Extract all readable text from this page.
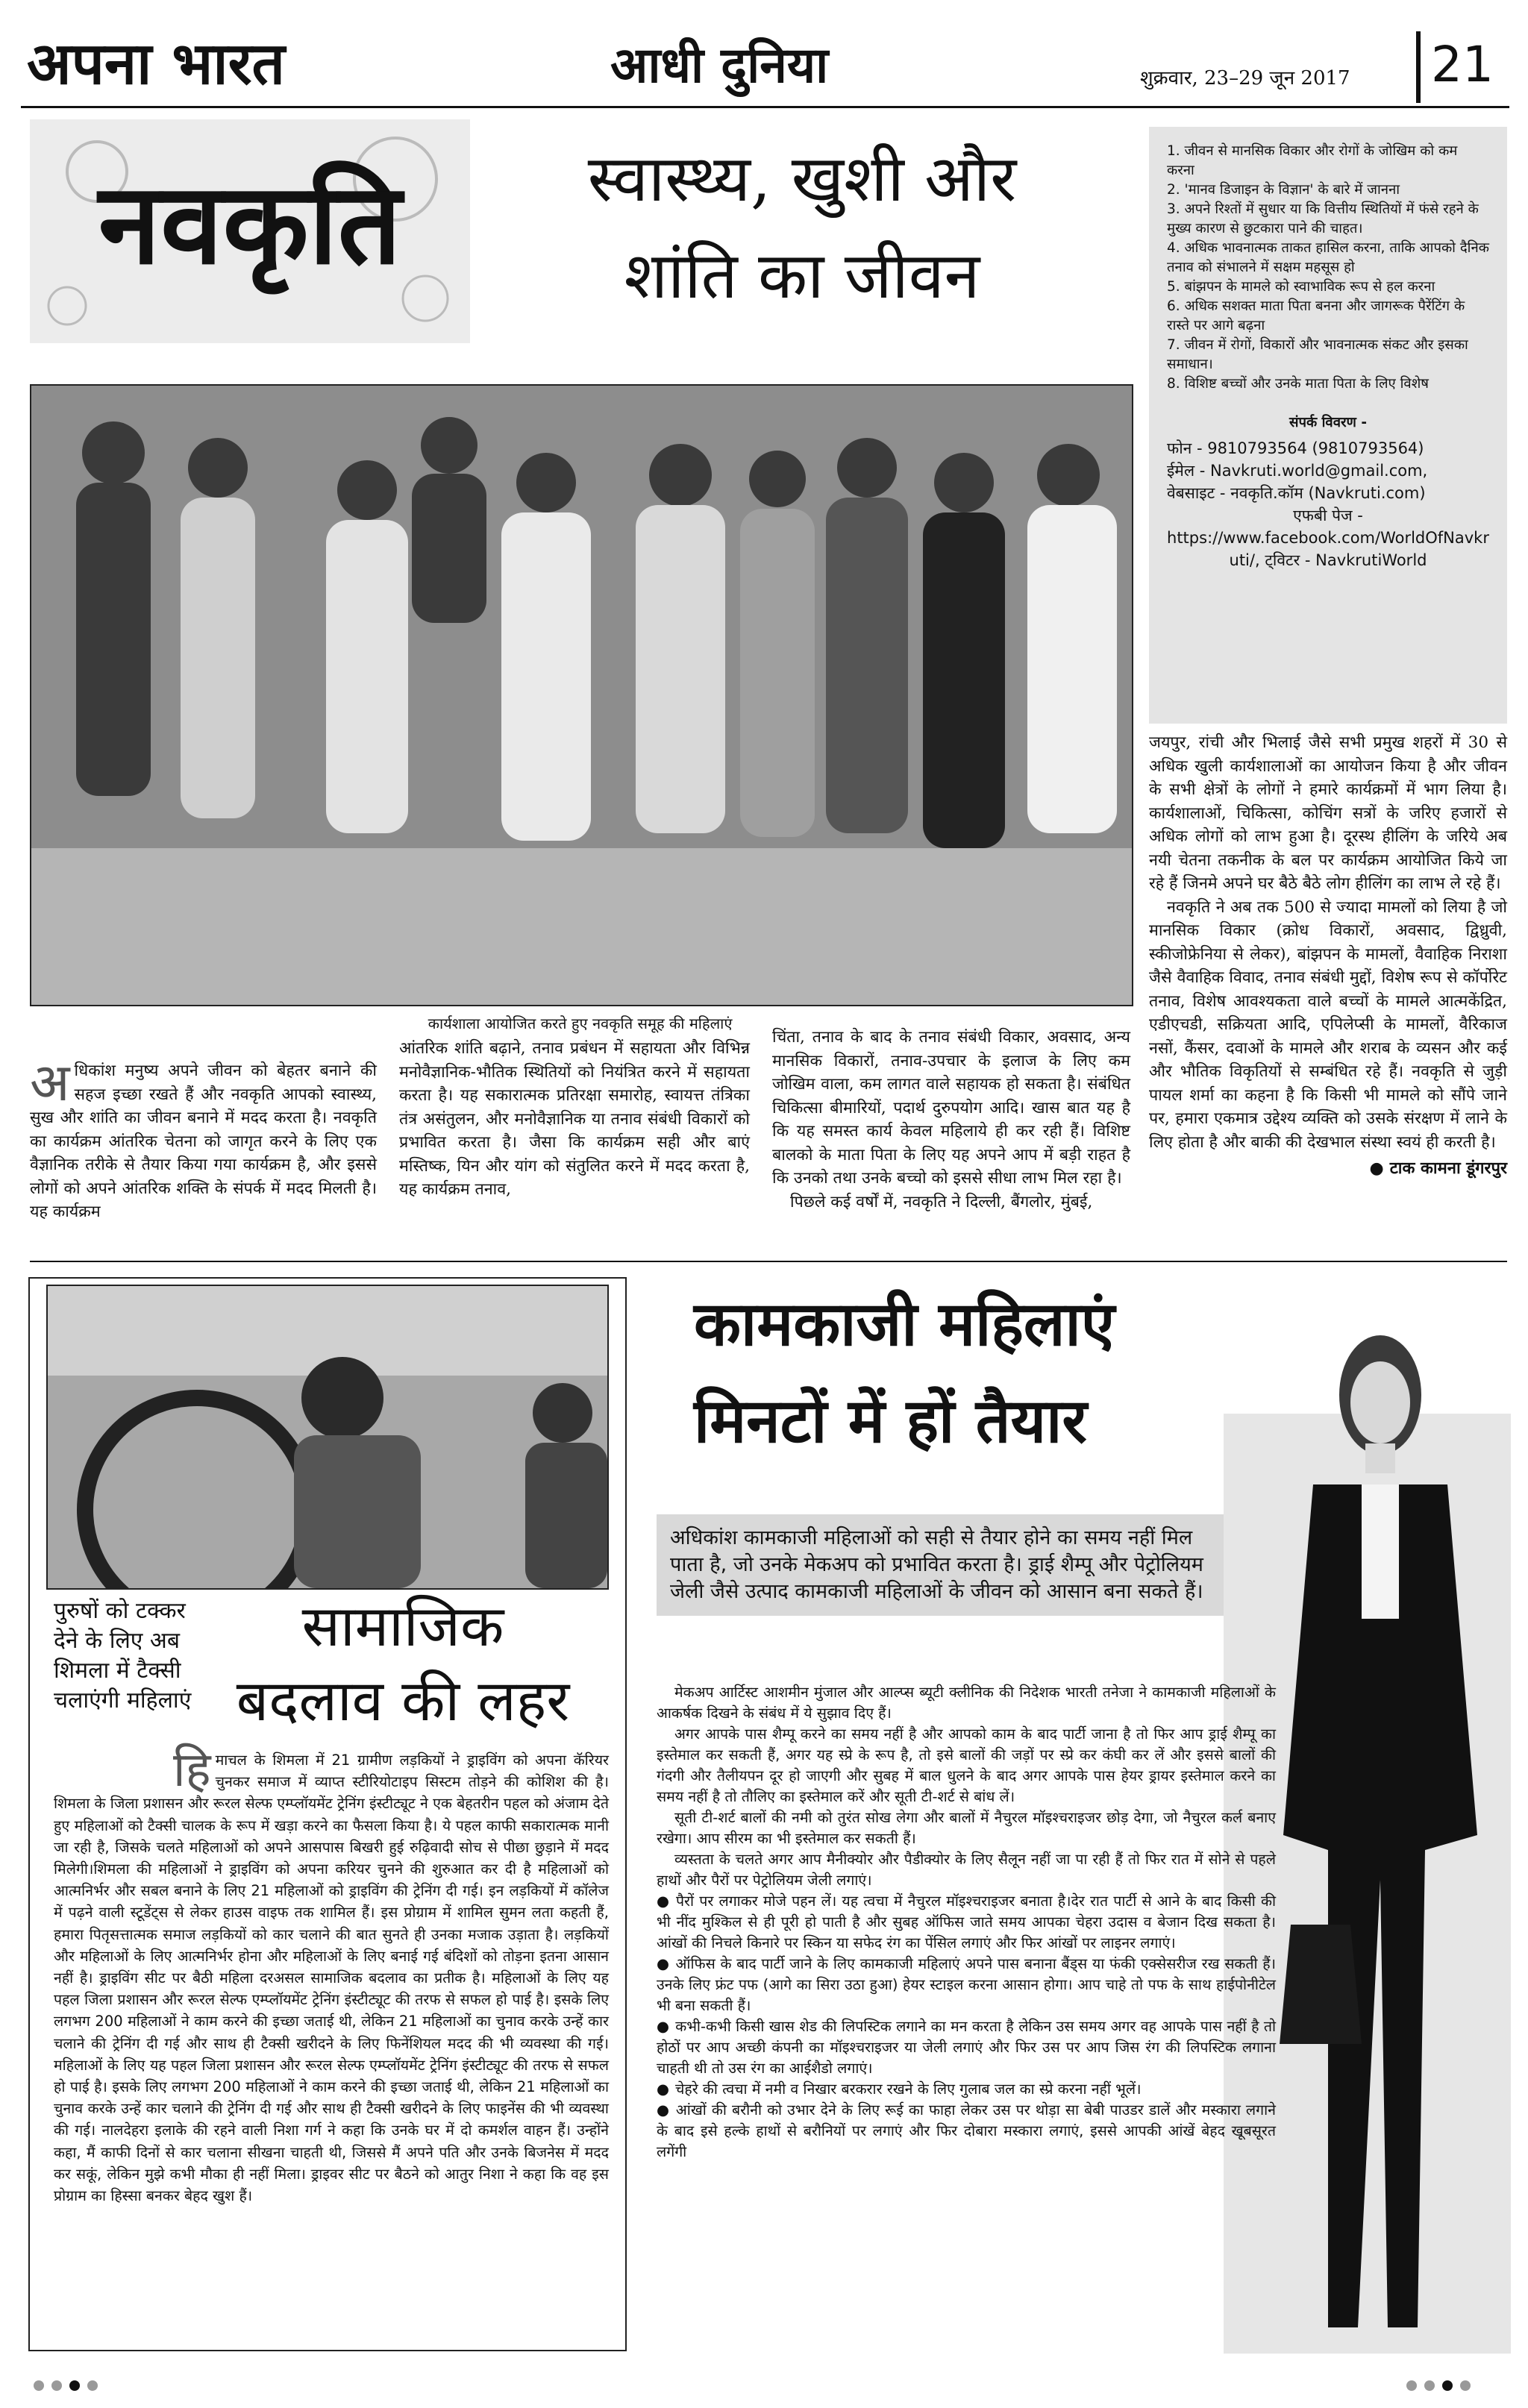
अपना भारत	आधी दुनिया	शुक्रवार, 23–29 जून 2017 21
नवकृति	स्वास्थ्य, खुशी और
शांति का जीवन
1. जीवन से मानसिक विकार और रोगों के जोखिम को कम करना
2. 'मानव डिजाइन के विज्ञान' के बारे में जानना
3. अपने रिश्तों में सुधार या कि वित्तीय स्थितियों में फंसे रहने के मुख्य कारण से छुटकारा पाने की चाहत।
4. अधिक भावनात्मक ताकत हासिल करना, ताकि आपको दैनिक तनाव को संभालने में सक्षम महसूस हो
5. बांझपन के मामले को स्वाभाविक रूप से हल करना
6. अधिक सशक्त माता पिता बनना और जागरूक पैरेंटिंग के रास्ते पर आगे बढ़ना
7. जीवन में रोगों, विकारों और भावनात्मक संकट और इसका समाधान।
8. विशिष्ट बच्चों और उनके माता पिता के लिए विशेष
संपर्क विवरण -
फोन - 9810793564 (9810793564)
ईमेल - Navkruti.world@gmail.com,
वेबसाइट - नवकृति.कॉम (Navkruti.com)
एफबी पेज -
https://www.facebook.com/WorldOfNavkruti/, ट्विटर - NavkrutiWorld
कार्यशाला आयोजित करते हुए नवकृति समूह की महिलाएं
अ धिकांश मनुष्य अपने जीवन को बेहतर बनाने की सहज इच्छा रखते हैं और नवकृति आपको स्वास्थ्य, सुख और शांति का जीवन बनाने में मदद करता है। नवकृति का कार्यक्रम आंतरिक चेतना को जागृत करने के लिए एक वैज्ञानिक तरीके से तैयार किया गया कार्यक्रम है, और इससे लोगों को अपने आंतरिक शक्ति के संपर्क में मदद मिलती है। यह कार्यक्रम
आंतरिक शांति बढ़ाने, तनाव प्रबंधन में सहायता और विभिन्न मनोवैज्ञानिक-भौतिक स्थितियों को नियंत्रित करने में सहायता करता है। यह सकारात्मक प्रतिरक्षा समारोह, स्वायत्त तंत्रिका तंत्र असंतुलन, और मनोवैज्ञानिक या तनाव संबंधी विकारों को प्रभावित करता है। जैसा कि कार्यक्रम सही और बाएं मस्तिष्क, यिन और यांग को संतुलित करने में मदद करता है, यह कार्यक्रम तनाव,
चिंता, तनाव के बाद के तनाव संबंधी विकार, अवसाद, अन्य मानसिक विकारों, तनाव-उपचार के इलाज के लिए कम जोखिम वाला, कम लागत वाले सहायक हो सकता है। संबंधित चिकित्सा बीमारियों, पदार्थ दुरुपयोग आदि। खास बात यह है कि यह समस्त कार्य केवल महिलाये ही कर रही हैं। विशिष्ट बालको के माता पिता के लिए यह अपने आप में बड़ी राहत है कि उनको तथा उनके बच्चो को इससे सीधा लाभ मिल रहा है।
पिछले कई वर्षों में, नवकृति ने दिल्ली, बैंगलोर, मुंबई,
जयपुर, रांची और भिलाई जैसे सभी प्रमुख शहरों में 30 से अधिक खुली कार्यशालाओं का आयोजन किया है और जीवन के सभी क्षेत्रों के लोगों ने हमारे कार्यक्रमों में भाग लिया है। कार्यशालाओं, चिकित्सा, कोचिंग सत्रों के जरिए हजारों से अधिक लोगों को लाभ हुआ है। दूरस्थ हीलिंग के जरिये अब नयी चेतना तकनीक के बल पर कार्यक्रम आयोजित किये जा रहे हैं जिनमे अपने घर बैठे बैठे लोग हीलिंग का लाभ ले रहे हैं।
नवकृति ने अब तक 500 से ज्यादा मामलों को लिया है जो मानसिक विकार (क्रोध विकारों, अवसाद, द्विध्रुवी, स्कीजोफ्रेनिया से लेकर), बांझपन के मामलों, वैवाहिक निराशा जैसे वैवाहिक विवाद, तनाव संबंधी मुद्दों, विशेष रूप से कॉर्पोरेट तनाव, विशेष आवश्यकता वाले बच्चों के मामले आत्मकेंद्रित, एडीएचडी, सक्रियता आदि, एपिलेप्सी के मामलों, वैरिकाज नसों, कैंसर, दवाओं के मामले और शराब के व्यसन और कई और भौतिक विकृतियों से सम्बंधित रहे हैं। नवकृति से जुड़ी पायल शर्मा का कहना है कि किसी भी मामले को सौंपे जाने पर, हमारा एकमात्र उद्देश्य व्यक्ति को उसके संरक्षण में लाने के लिए होता है और बाकी की देखभाल संस्था स्वयं ही करती है।
● टाक कामना डूंगरपुर
पुरुषों को टक्कर देने के लिए अब शिमला में टैक्सी चलाएंगी महिलाएं
सामाजिक
बदलाव की लहर
हि माचल के शिमला में 21 ग्रामीण लड़कियों ने ड्राइविंग को अपना कॅरियर चुनकर समाज में व्याप्त स्टीरियोटाइप सिस्टम तोड़ने की कोशिश की है।शिमला के जिला प्रशासन और रूरल सेल्फ एम्प्लॉयमेंट ट्रेनिंग इंस्टीट्यूट ने एक बेहतरीन पहल को अंजाम देते हुए महिलाओं को टैक्सी चालक के रूप में खड़ा करने का फैसला किया है। ये पहल काफी सकारात्मक मानी जा रही है, जिसके चलते महिलाओं को अपने आसपास बिखरी हुई रुढ़िवादी सोच से पीछा छुड़ाने में मदद मिलेगी।शिमला की महिलाओं ने ड्राइविंग को अपना करियर चुनने की शुरुआत कर दी है महिलाओं को आत्मनिर्भर और सबल बनाने के लिए 21 महिलाओं को ड्राइविंग की ट्रेनिंग दी गई। इन लड़कियों में कॉलेज में पढ़ने वाली स्टूडेंट्स से लेकर हाउस वाइफ तक शामिल हैं। इस प्रोग्राम में शामिल सुमन लता कहती हैं, हमारा पितृसत्तात्मक समाज लड़कियों को कार चलाने की बात सुनते ही उनका मजाक उड़ाता है। लड़कियों और महिलाओं के लिए आत्मनिर्भर होना और महिलाओं के लिए बनाई गई बंदिशों को तोड़ना इतना आसान नहीं है। ड्राइविंग सीट पर बैठी महिला दरअसल सामाजिक बदलाव का प्रतीक है। महिलाओं के लिए यह पहल जिला प्रशासन और रूरल सेल्फ एम्प्लॉयमेंट ट्रेनिंग इंस्टीट्यूट की तरफ से सफल हो पाई है। इसके लिए लगभग 200 महिलाओं ने काम करने की इच्छा जताई थी, लेकिन 21 महिलाओं का चुनाव करके उन्हें कार चलाने की ट्रेनिंग दी गई और साथ ही टैक्सी खरीदने के लिए फिनेंशियल मदद की भी व्यवस्था की गई। महिलाओं के लिए यह पहल जिला प्रशासन और रूरल सेल्फ एम्प्लॉयमेंट ट्रेनिंग इंस्टीट्यूट की तरफ से सफल हो पाई है। इसके लिए लगभग 200 महिलाओं ने काम करने की इच्छा जताई थी, लेकिन 21 महिलाओं का चुनाव करके उन्हें कार चलाने की ट्रेनिंग दी गई और साथ ही टैक्सी खरीदने के लिए फाइनेंस की भी व्यवस्था की गई। नालदेहरा इलाके की रहने वाली निशा गर्ग ने कहा कि उनके घर में दो कमर्शल वाहन हैं। उन्होंने कहा, मैं काफी दिनों से कार चलाना सीखना चाहती थी, जिससे मैं अपने पति और उनके बिजनेस में मदद कर सकूं, लेकिन मुझे कभी मौका ही नहीं मिला। ड्राइवर सीट पर बैठने को आतुर निशा ने कहा कि वह इस प्रोग्राम का हिस्सा बनकर बेहद खुश हैं।
कामकाजी महिलाएं
मिनटों में हों तैयार
अधिकांश कामकाजी महिलाओं को सही से तैयार होने का समय नहीं मिल पाता है, जो उनके मेकअप को प्रभावित करता है। ड्राई शैम्पू और पेट्रोलियम जेली जैसे उत्पाद कामकाजी महिलाओं के जीवन को आसान बना सकते हैं।
मेकअप आर्टिस्ट आशमीन मुंजाल और आल्प्स ब्यूटी क्लीनिक की निदेशक भारती तनेजा ने कामकाजी महिलाओं के आकर्षक दिखने के संबंध में ये सुझाव दिए हैं।
अगर आपके पास शैम्पू करने का समय नहीं है और आपको काम के बाद पार्टी जाना है तो फिर आप ड्राई शैम्पू का इस्तेमाल कर सकती हैं, अगर यह स्प्रे के रूप है, तो इसे बालों की जड़ों पर स्प्रे कर कंघी कर लें और इससे बालों की गंदगी और तैलीयपन दूर हो जाएगी और सुबह में बाल धुलने के बाद अगर आपके पास हेयर ड्रायर इस्तेमाल करने का समय नहीं है तो तौलिए का इस्तेमाल करें और सूती टी-शर्ट से बांध लें।
सूती टी-शर्ट बालों की नमी को तुरंत सोख लेगा और बालों में नैचुरल मॉइश्चराइजर छोड़ देगा, जो नैचुरल कर्ल बनाए रखेगा। आप सीरम का भी इस्तेमाल कर सकती हैं।
व्यस्तता के चलते अगर आप मैनीक्योर और पैडीक्योर के लिए सैलून नहीं जा पा रही हैं तो फिर रात में सोने से पहले हाथों और पैरों पर पेट्रोलियम जेली लगाएं।
● पैरों पर लगाकर मोजे पहन लें। यह त्वचा में नैचुरल मॉइश्चराइजर बनाता है।देर रात पार्टी से आने के बाद किसी की भी नींद मुश्किल से ही पूरी हो पाती है और सुबह ऑफिस जाते समय आपका चेहरा उदास व बेजान दिख सकता है। आंखों की निचले किनारे पर स्किन या सफेद रंग का पेंसिल लगाएं और फिर आंखों पर लाइनर लगाएं।
● ऑफिस के बाद पार्टी जाने के लिए कामकाजी महिलाएं अपने पास बनाना बैंड्स या फंकी एक्सेसरीज रख सकती हैं। उनके लिए फ्रंट पफ (आगे का सिरा उठा हुआ) हेयर स्टाइल करना आसान होगा। आप चाहे तो पफ के साथ हाईपोनीटेल भी बना सकती हैं।
● कभी-कभी किसी खास शेड की लिपस्टिक लगाने का मन करता है लेकिन उस समय अगर वह आपके पास नहीं है तो होठों पर आप अच्छी कंपनी का मॉइश्चराइजर या जेली लगाएं और फिर उस पर आप जिस रंग की लिपस्टिक लगाना चाहती थी तो उस रंग का आईशैडो लगाएं।
● चेहरे की त्वचा में नमी व निखार बरकरार रखने के लिए गुलाब जल का स्प्रे करना नहीं भूलें।
● आंखों की बरौनी को उभार देने के लिए रूई का फाहा लेकर उस पर थोड़ा सा बेबी पाउडर डालें और मस्कारा लगाने के बाद इसे हल्के हाथों से बरौनियों पर लगाएं और फिर दोबारा मस्कारा लगाएं, इससे आपकी आंखें बेहद खूबसूरत लगेंगी
